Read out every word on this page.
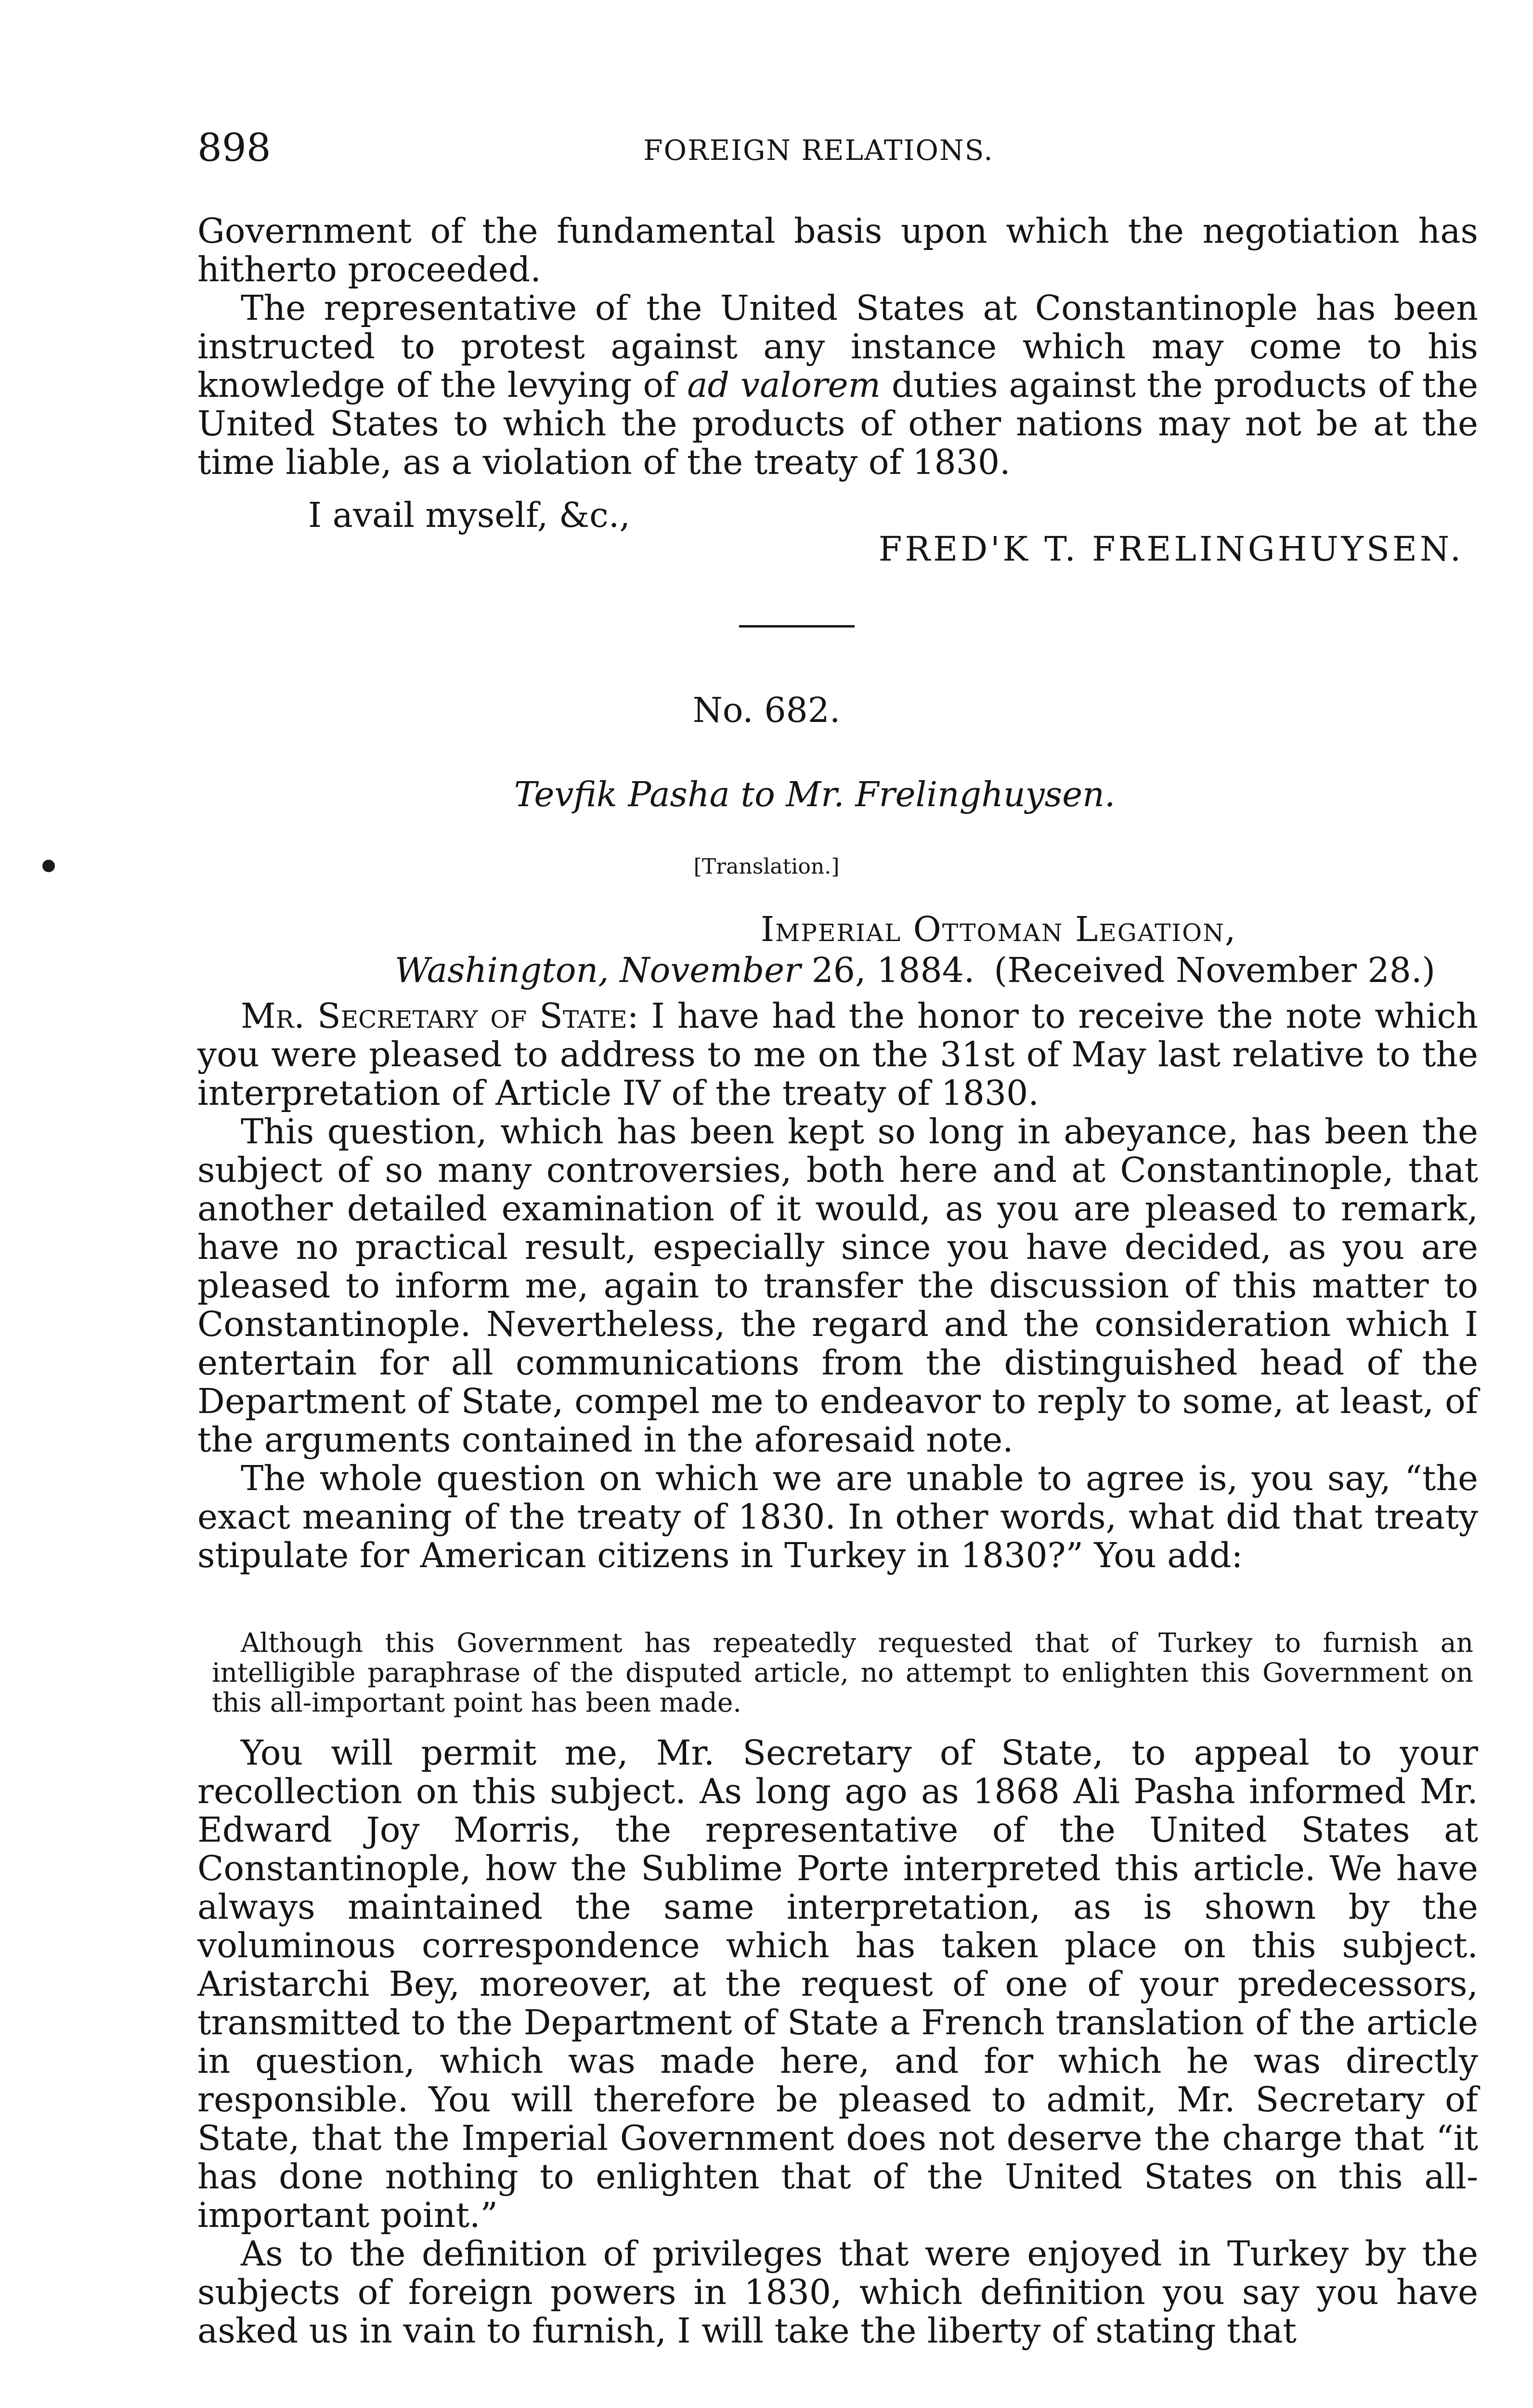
898	FOREIGN RELATIONS.

Government of the fundamental basis upon which the negotiation has hitherto proceeded.

The representative of the United States at Constantinople has been instructed to protest against any instance which may come to his knowledge of the levying of ad valorem duties against the products of the United States to which the products of other nations may not be at the time liable, as a violation of the treaty of 1830.

I avail myself, &c.,
FRED'K T. FRELINGHUYSEN.
No. 682.
Tevfik Pasha to Mr. Frelinghuysen.
[Translation.]
Imperial Ottoman Legation,
Washington, November 26, 1884. (Received November 28.)

Mr. Secretary of State: I have had the honor to receive the note which you were pleased to address to me on the 31st of May last relative to the interpretation of Article IV of the treaty of 1830.

This question, which has been kept so long in abeyance, has been the subject of so many controversies, both here and at Constantinople, that another detailed examination of it would, as you are pleased to remark, have no practical result, especially since you have decided, as you are pleased to inform me, again to transfer the discussion of this matter to Constantinople. Nevertheless, the regard and the consideration which I entertain for all communications from the distinguished head of the Department of State, compel me to endeavor to reply to some, at least, of the arguments contained in the aforesaid note.

The whole question on which we are unable to agree is, you say, “the exact meaning of the treaty of 1830. In other words, what did that treaty stipulate for American citizens in Turkey in 1830?” You add:

Although this Government has repeatedly requested that of Turkey to furnish an intelligible paraphrase of the disputed article, no attempt to enlighten this Government on this all-important point has been made.

You will permit me, Mr. Secretary of State, to appeal to your recollection on this subject. As long ago as 1868 Ali Pasha informed Mr. Edward Joy Morris, the representative of the United States at Constantinople, how the Sublime Porte interpreted this article. We have always maintained the same interpretation, as is shown by the voluminous correspondence which has taken place on this subject. Aristarchi Bey, moreover, at the request of one of your predecessors, transmitted to the Department of State a French translation of the article in question, which was made here, and for which he was directly responsible. You will therefore be pleased to admit, Mr. Secretary of State, that the Imperial Government does not deserve the charge that “it has done nothing to enlighten that of the United States on this all-important point.”

As to the definition of privileges that were enjoyed in Turkey by the subjects of foreign powers in 1830, which definition you say you have asked us in vain to furnish, I will take the liberty of stating that
